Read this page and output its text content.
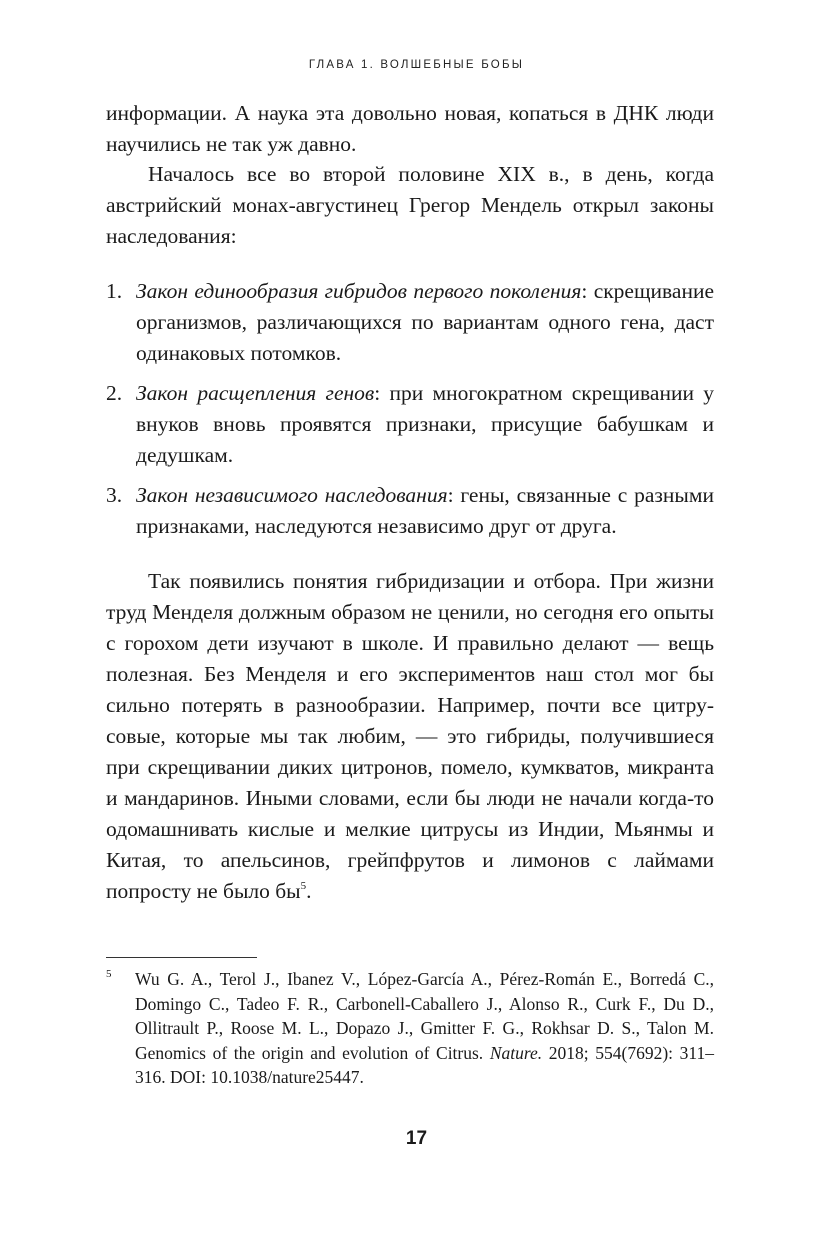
ГЛАВА 1. ВОЛШЕБНЫЕ БОБЫ

информации. А наука эта довольно новая, копаться в ДНК люди научились не так уж давно.

Началось все во второй половине XIX в., в день, когда австрийский монах-августинец Грегор Мендель открыл законы наследования:

1. Закон единообразия гибридов первого поколения: скрещивание организмов, различающихся по вариантам одного гена, даст одинаковых потомков.
2. Закон расщепления генов: при многократном скрещивании у внуков вновь проявятся признаки, присущие бабушкам и дедушкам.
3. Закон независимого наследования: гены, связанные с разными признаками, наследуются независимо друг от друга.

Так появились понятия гибридизации и отбора. При жизни труд Менделя должным образом не ценили, но сегодня его опыты с горохом дети изучают в школе. И правильно делают — вещь полезная. Без Менделя и его экспериментов наш стол мог бы сильно потерять в разнообразии. Например, почти все цитрусовые, которые мы так любим, — это гибриды, получившиеся при скрещивании диких цитронов, помело, кумкватов, микранта и мандаринов. Иными словами, если бы люди не начали когда-то одомашнивать кислые и мелкие цитрусы из Индии, Мьянмы и Китая, то апельсинов, грейпфрутов и лимонов с лаймами попросту не было $бы^5$.

5 Wu G. A., Terol J., Ibanez V., López-García A., Pérez-Román E., Borredá C., Domingo C., Tadeo F. R., Carbonell-Caballero J., Alonso R., Curk F., Du D., Ollitrault P., Roose M. L., Dopazo J., Gmitter F. G., Rokhsar D. S., Talon M. Genomics of the origin and evolution of Citrus. Nature. 2018; 554(7692): 311–316. DOI: 10.1038/nature25447.
17
